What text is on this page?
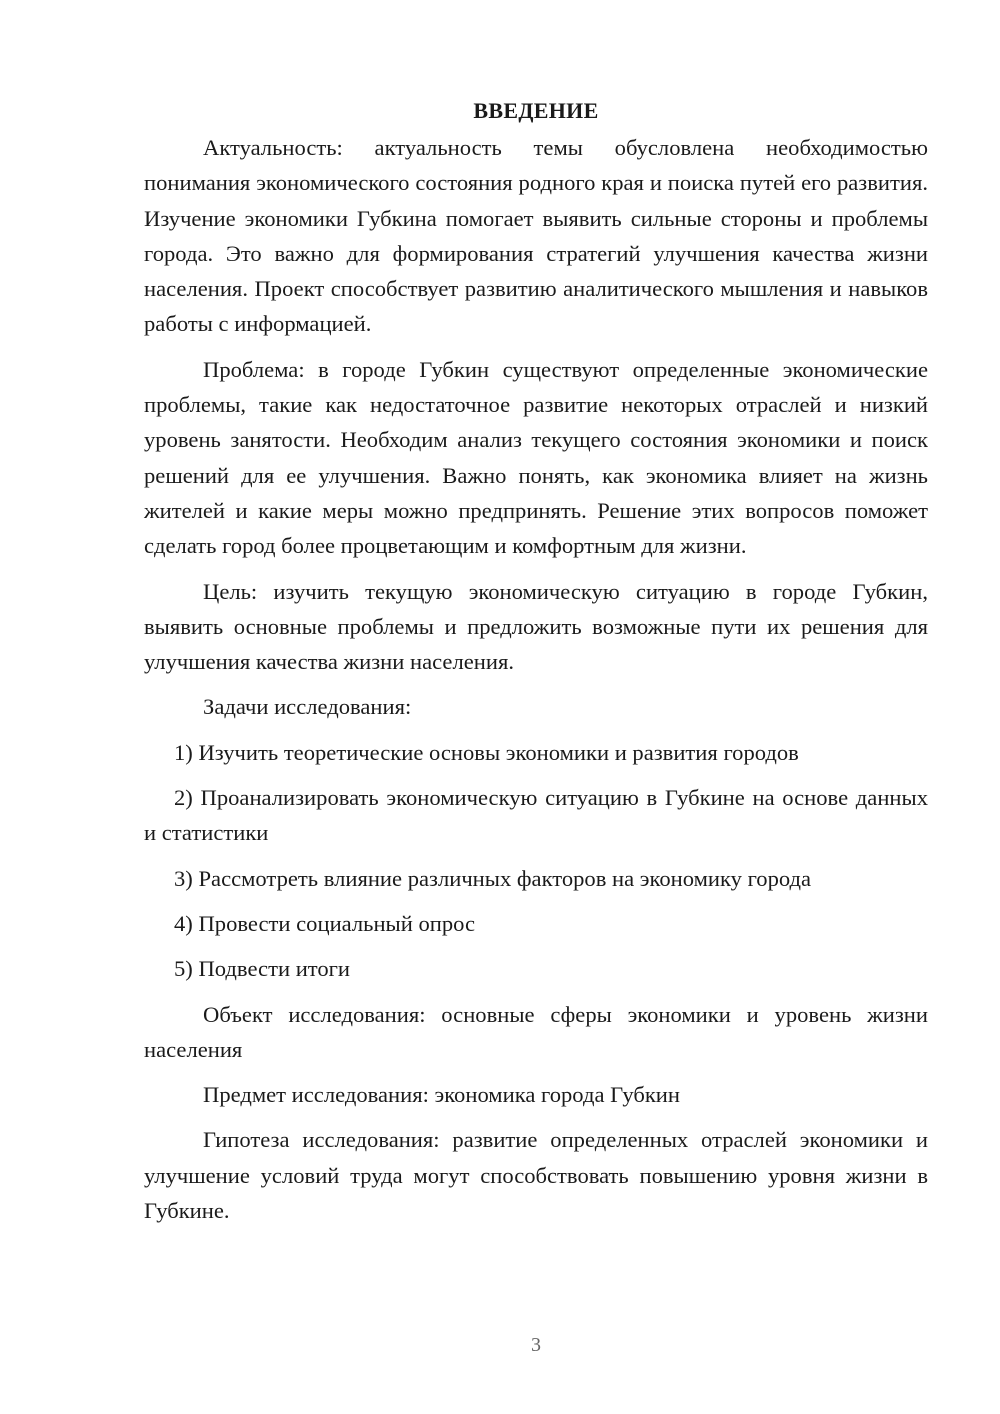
ВВЕДЕНИЕ

Актуальность: актуальность темы обусловлена необходимостью понимания экономического состояния родного края и поиска путей его развития. Изучение экономики Губкина помогает выявить сильные стороны и проблемы города. Это важно для формирования стратегий улучшения качества жизни населения. Проект способствует развитию аналитического мышления и навыков работы с информацией.

Проблема: в городе Губкин существуют определенные экономические проблемы, такие как недостаточное развитие некоторых отраслей и низкий уровень занятости. Необходим анализ текущего состояния экономики и поиск решений для ее улучшения. Важно понять, как экономика влияет на жизнь жителей и какие меры можно предпринять. Решение этих вопросов поможет сделать город более процветающим и комфортным для жизни.

Цель: изучить текущую экономическую ситуацию в городе Губкин, выявить основные проблемы и предложить возможные пути их решения для улучшения качества жизни населения.

Задачи исследования:

1) Изучить теоретические основы экономики и развития городов

2) Проанализировать экономическую ситуацию в Губкине на основе данных и статистики

3) Рассмотреть влияние различных факторов на экономику города

4) Провести социальный опрос

5) Подвести итоги

Объект исследования: основные сферы экономики и уровень жизни населения

Предмет исследования: экономика города Губкин

Гипотеза исследования: развитие определенных отраслей экономики и улучшение условий труда могут способствовать повышению уровня жизни в Губкине.

3
